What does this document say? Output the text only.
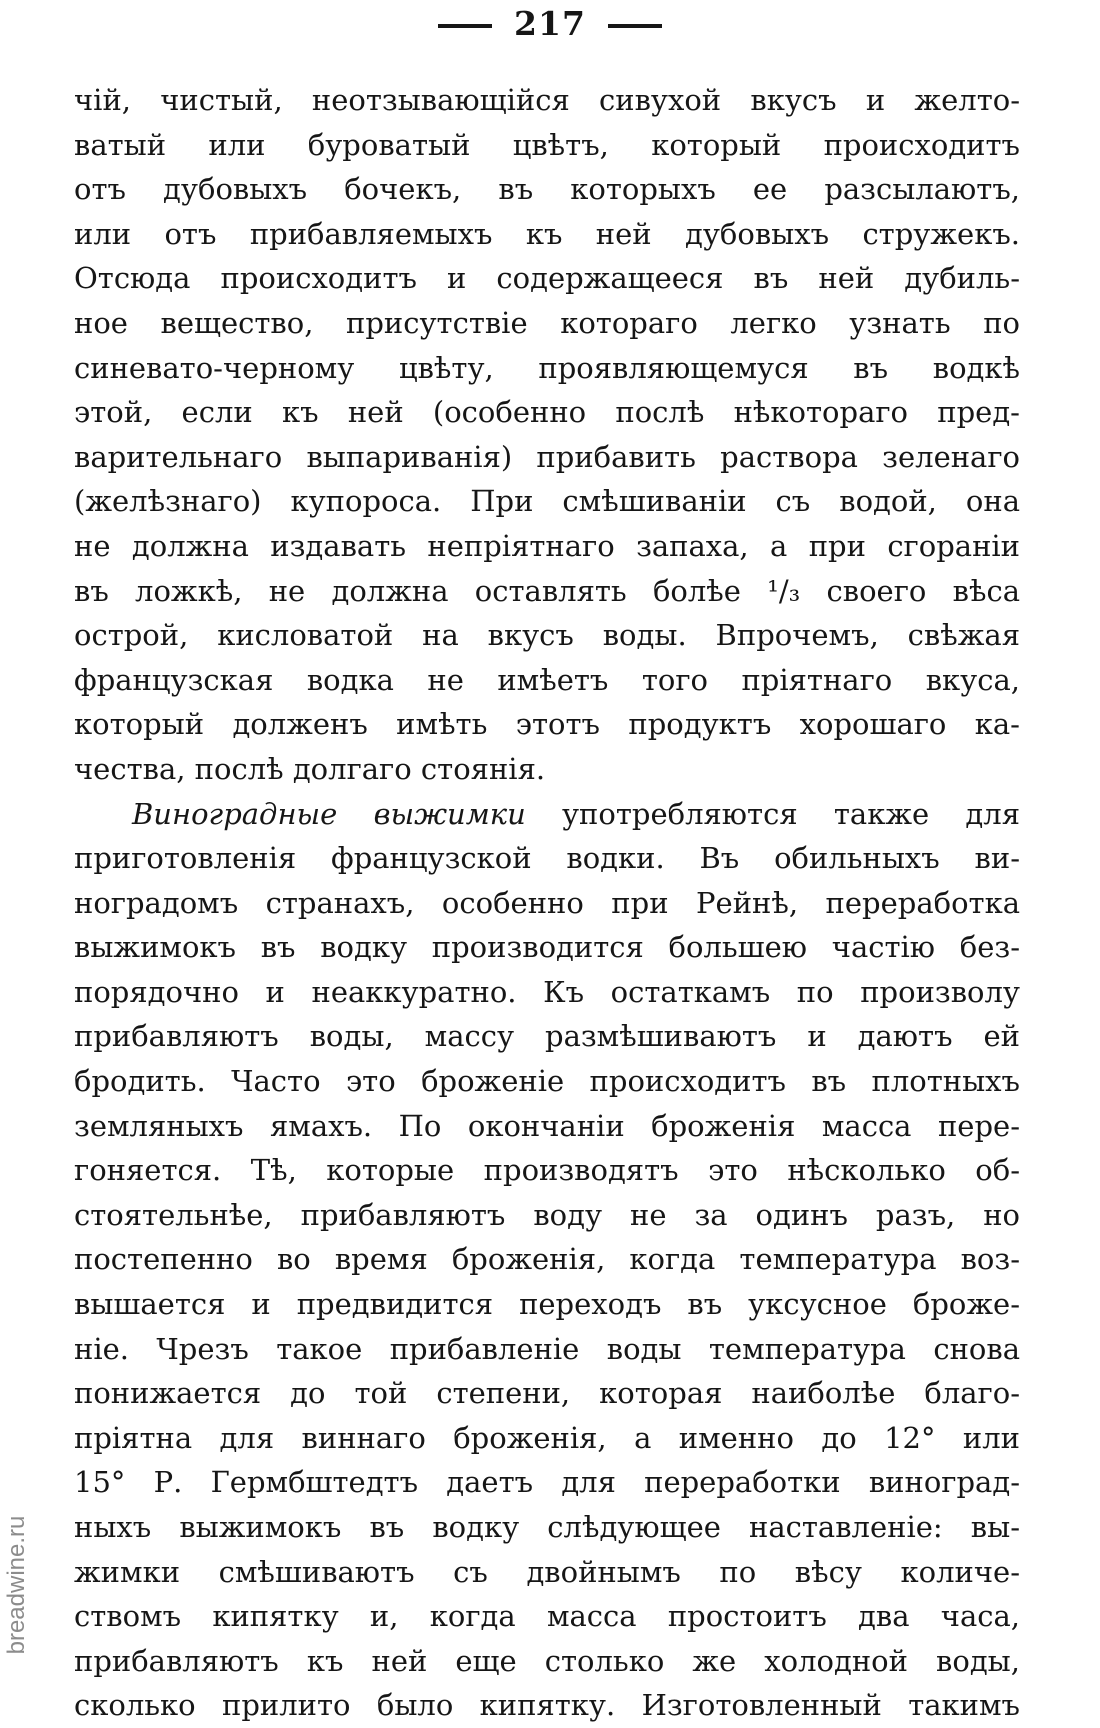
217
чій, чистый, неотзывающійся сивухой вкусъ и желто-
ватый или буроватый цвѣтъ, который происходитъ
отъ дубовыхъ бочекъ, въ которыхъ ее разсылаютъ,
или отъ прибавляемыхъ къ ней дубовыхъ стружекъ.
Отсюда происходитъ и содержащееся въ ней дубиль-
ное вещество, присутствіе котораго легко узнать по
синевато-черному цвѣту, проявляющемуся въ водкѣ
этой, если къ ней (особенно послѣ нѣкотораго пред-
варительнаго выпариванія) прибавить раствора зеленаго
(желѣзнаго) купороса. При смѣшиваніи съ водой, она
не должна издавать непріятнаго запаха, а при сгораніи
въ ложкѣ, не должна оставлять болѣе ¹/₃ своего вѣса
острой, кисловатой на вкусъ воды. Впрочемъ, свѣжая
французская водка не имѣетъ того пріятнаго вкуса,
который долженъ имѣть этотъ продуктъ хорошаго ка-
чества, послѣ долгаго стоянія.
Виноградные выжимки употребляются также для
приготовленія французской водки. Въ обильныхъ ви-
ноградомъ странахъ, особенно при Рейнѣ, переработка
выжимокъ въ водку производится большею частію без-
порядочно и неаккуратно. Къ остаткамъ по произволу
прибавляютъ воды, массу размѣшиваютъ и даютъ ей
бродить. Часто это броженіе происходитъ въ плотныхъ
земляныхъ ямахъ. По окончаніи броженія масса пере-
гоняется. Тѣ, которые производятъ это нѣсколько об-
стоятельнѣе, прибавляютъ воду не за одинъ разъ, но
постепенно во время броженія, когда температура воз-
вышается и предвидится переходъ въ уксусное броже-
ніе. Чрезъ такое прибавленіе воды температура снова
понижается до той степени, которая наиболѣе благо-
пріятна для виннаго броженія, а именно до 12° или
15° Р. Гермбштедтъ даетъ для переработки виноград-
ныхъ выжимокъ въ водку слѣдующее наставленіе: вы-
жимки смѣшиваютъ съ двойнымъ по вѣсу количе-
ствомъ кипятку и, когда масса простоитъ два часа,
прибавляютъ къ ней еще столько же холодной воды,
сколько прилито было кипятку. Изготовленный такимъ
breadwine.ru
